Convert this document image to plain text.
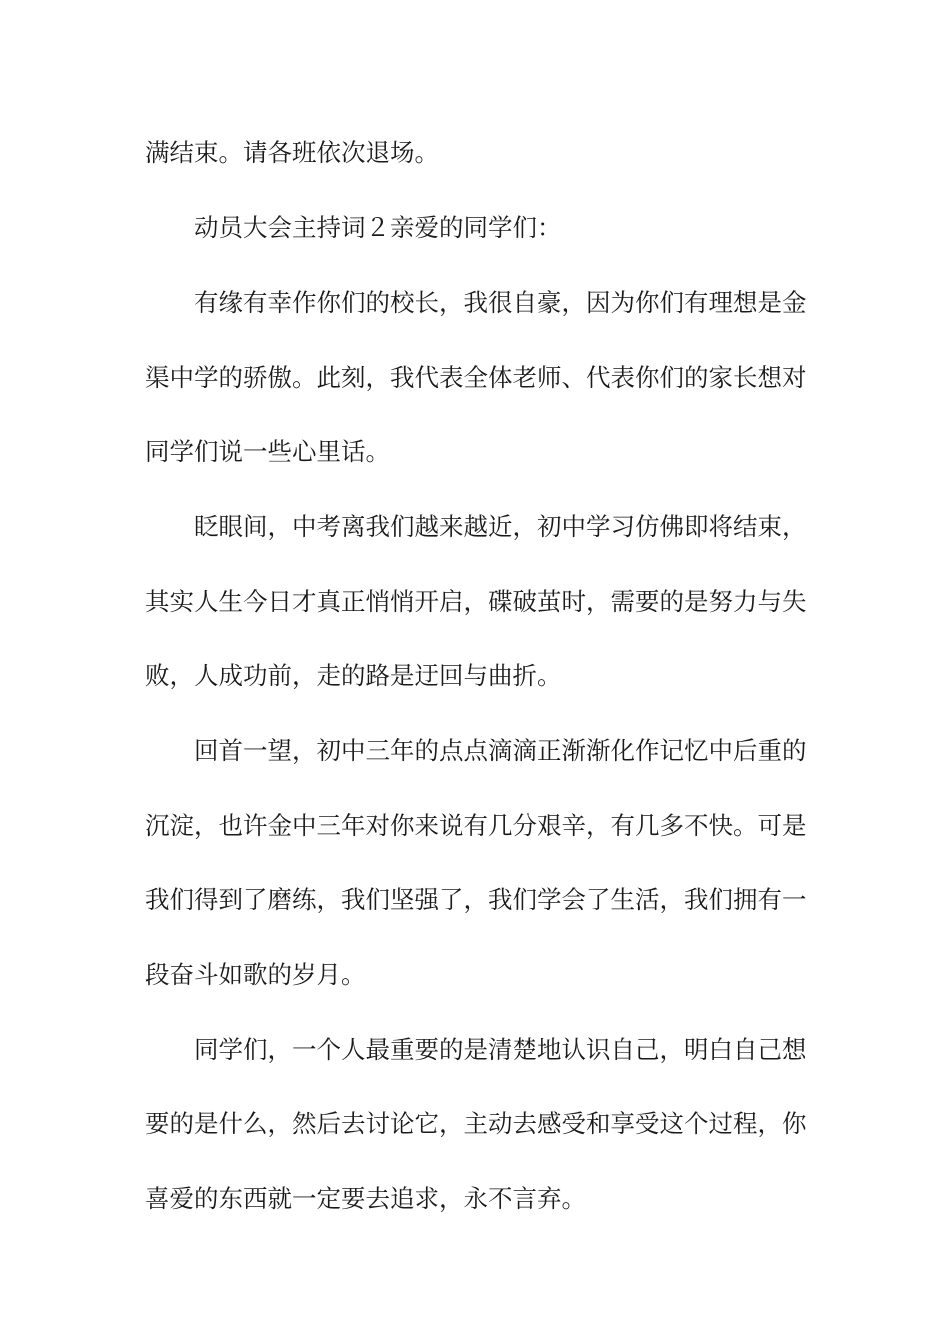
满结束。请各班依次退场。
动员大会主持词２亲爱的同学们：
有缘有幸作你们的校长，我很自豪，因为你们有理想是金
渠中学的骄傲。此刻，我代表全体老师、代表你们的家长想对
同学们说一些心里话。
眨眼间，中考离我们越来越近，初中学习仿佛即将结束，
其实人生今日才真正悄悄开启，碟破茧时，需要的是努力与失
败，人成功前，走的路是迂回与曲折。
回首一望，初中三年的点点滴滴正渐渐化作记忆中后重的
沉淀，也许金中三年对你来说有几分艰辛，有几多不快。可是
我们得到了磨练，我们坚强了，我们学会了生活，我们拥有一
段奋斗如歌的岁月。
同学们，一个人最重要的是清楚地认识自己，明白自己想
要的是什么，然后去讨论它，主动去感受和享受这个过程，你
喜爱的东西就一定要去追求，永不言弃。
